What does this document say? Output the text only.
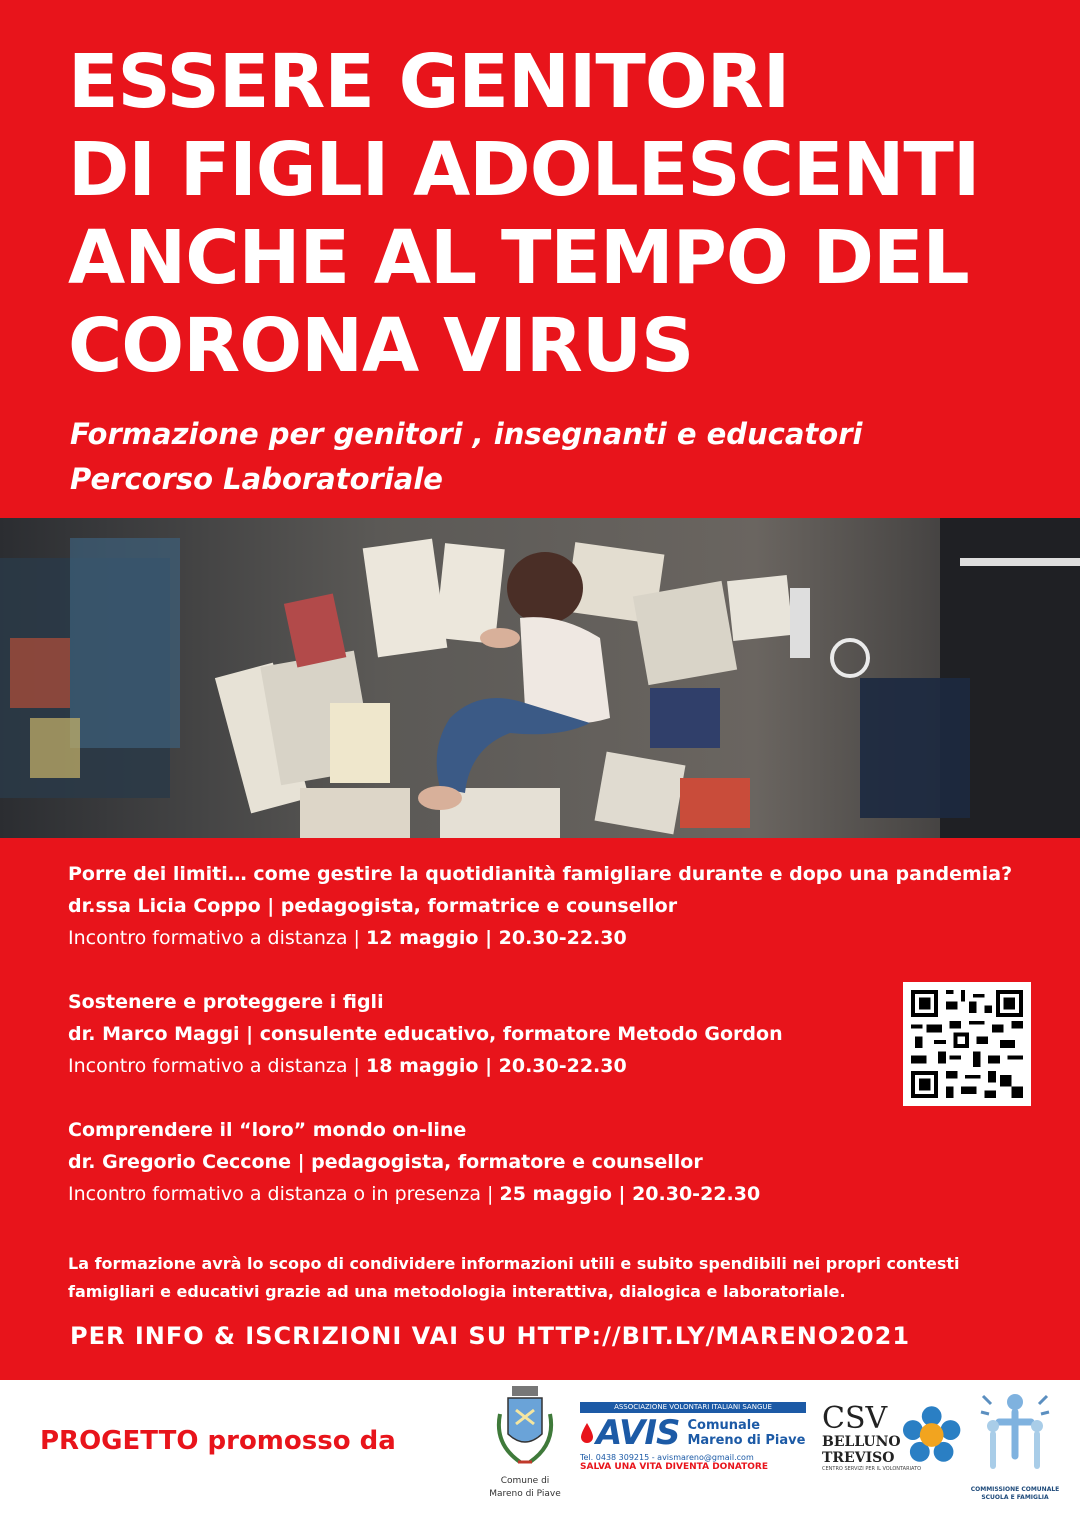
ESSERE GENITORI
DI FIGLI ADOLESCENTI
ANCHE AL TEMPO DEL
CORONA VIRUS
Formazione per genitori , insegnanti e educatori
Percorso Laboratoriale
Porre dei limiti… come gestire la quotidianità famigliare durante e dopo una pandemia?
dr.ssa Licia Coppo | pedagogista, formatrice e counsellor
Incontro formativo a distanza | 12 maggio | 20.30-22.30
Sostenere e proteggere i figli
dr. Marco Maggi | consulente educativo, formatore Metodo Gordon
Incontro formativo a distanza | 18 maggio | 20.30-22.30
Comprendere il “loro” mondo on-line
dr. Gregorio Ceccone | pedagogista, formatore e counsellor
Incontro formativo a distanza o in presenza | 25 maggio | 20.30-22.30
La formazione avrà lo scopo di condividere informazioni utili e subito spendibili nei propri contesti famigliari e educativi grazie ad una metodologia interattiva, dialogica e laboratoriale.
PER INFO & ISCRIZIONI VAI SU HTTP://BIT.LY/MARENO2021
PROGETTO promosso da
Comune di
Mareno di Piave
ASSOCIAZIONE VOLONTARI ITALIANI SANGUE
AVIS Comunale
Mareno di Piave
Tel. 0438 309215 - avismareno@gmail.com
SALVA UNA VITA DIVENTA DONATORE
CSV
BELLUNO
TREVISO
CENTRO SERVIZI PER IL VOLONTARIATO
COMMISSIONE COMUNALE
SCUOLA E FAMIGLIA
